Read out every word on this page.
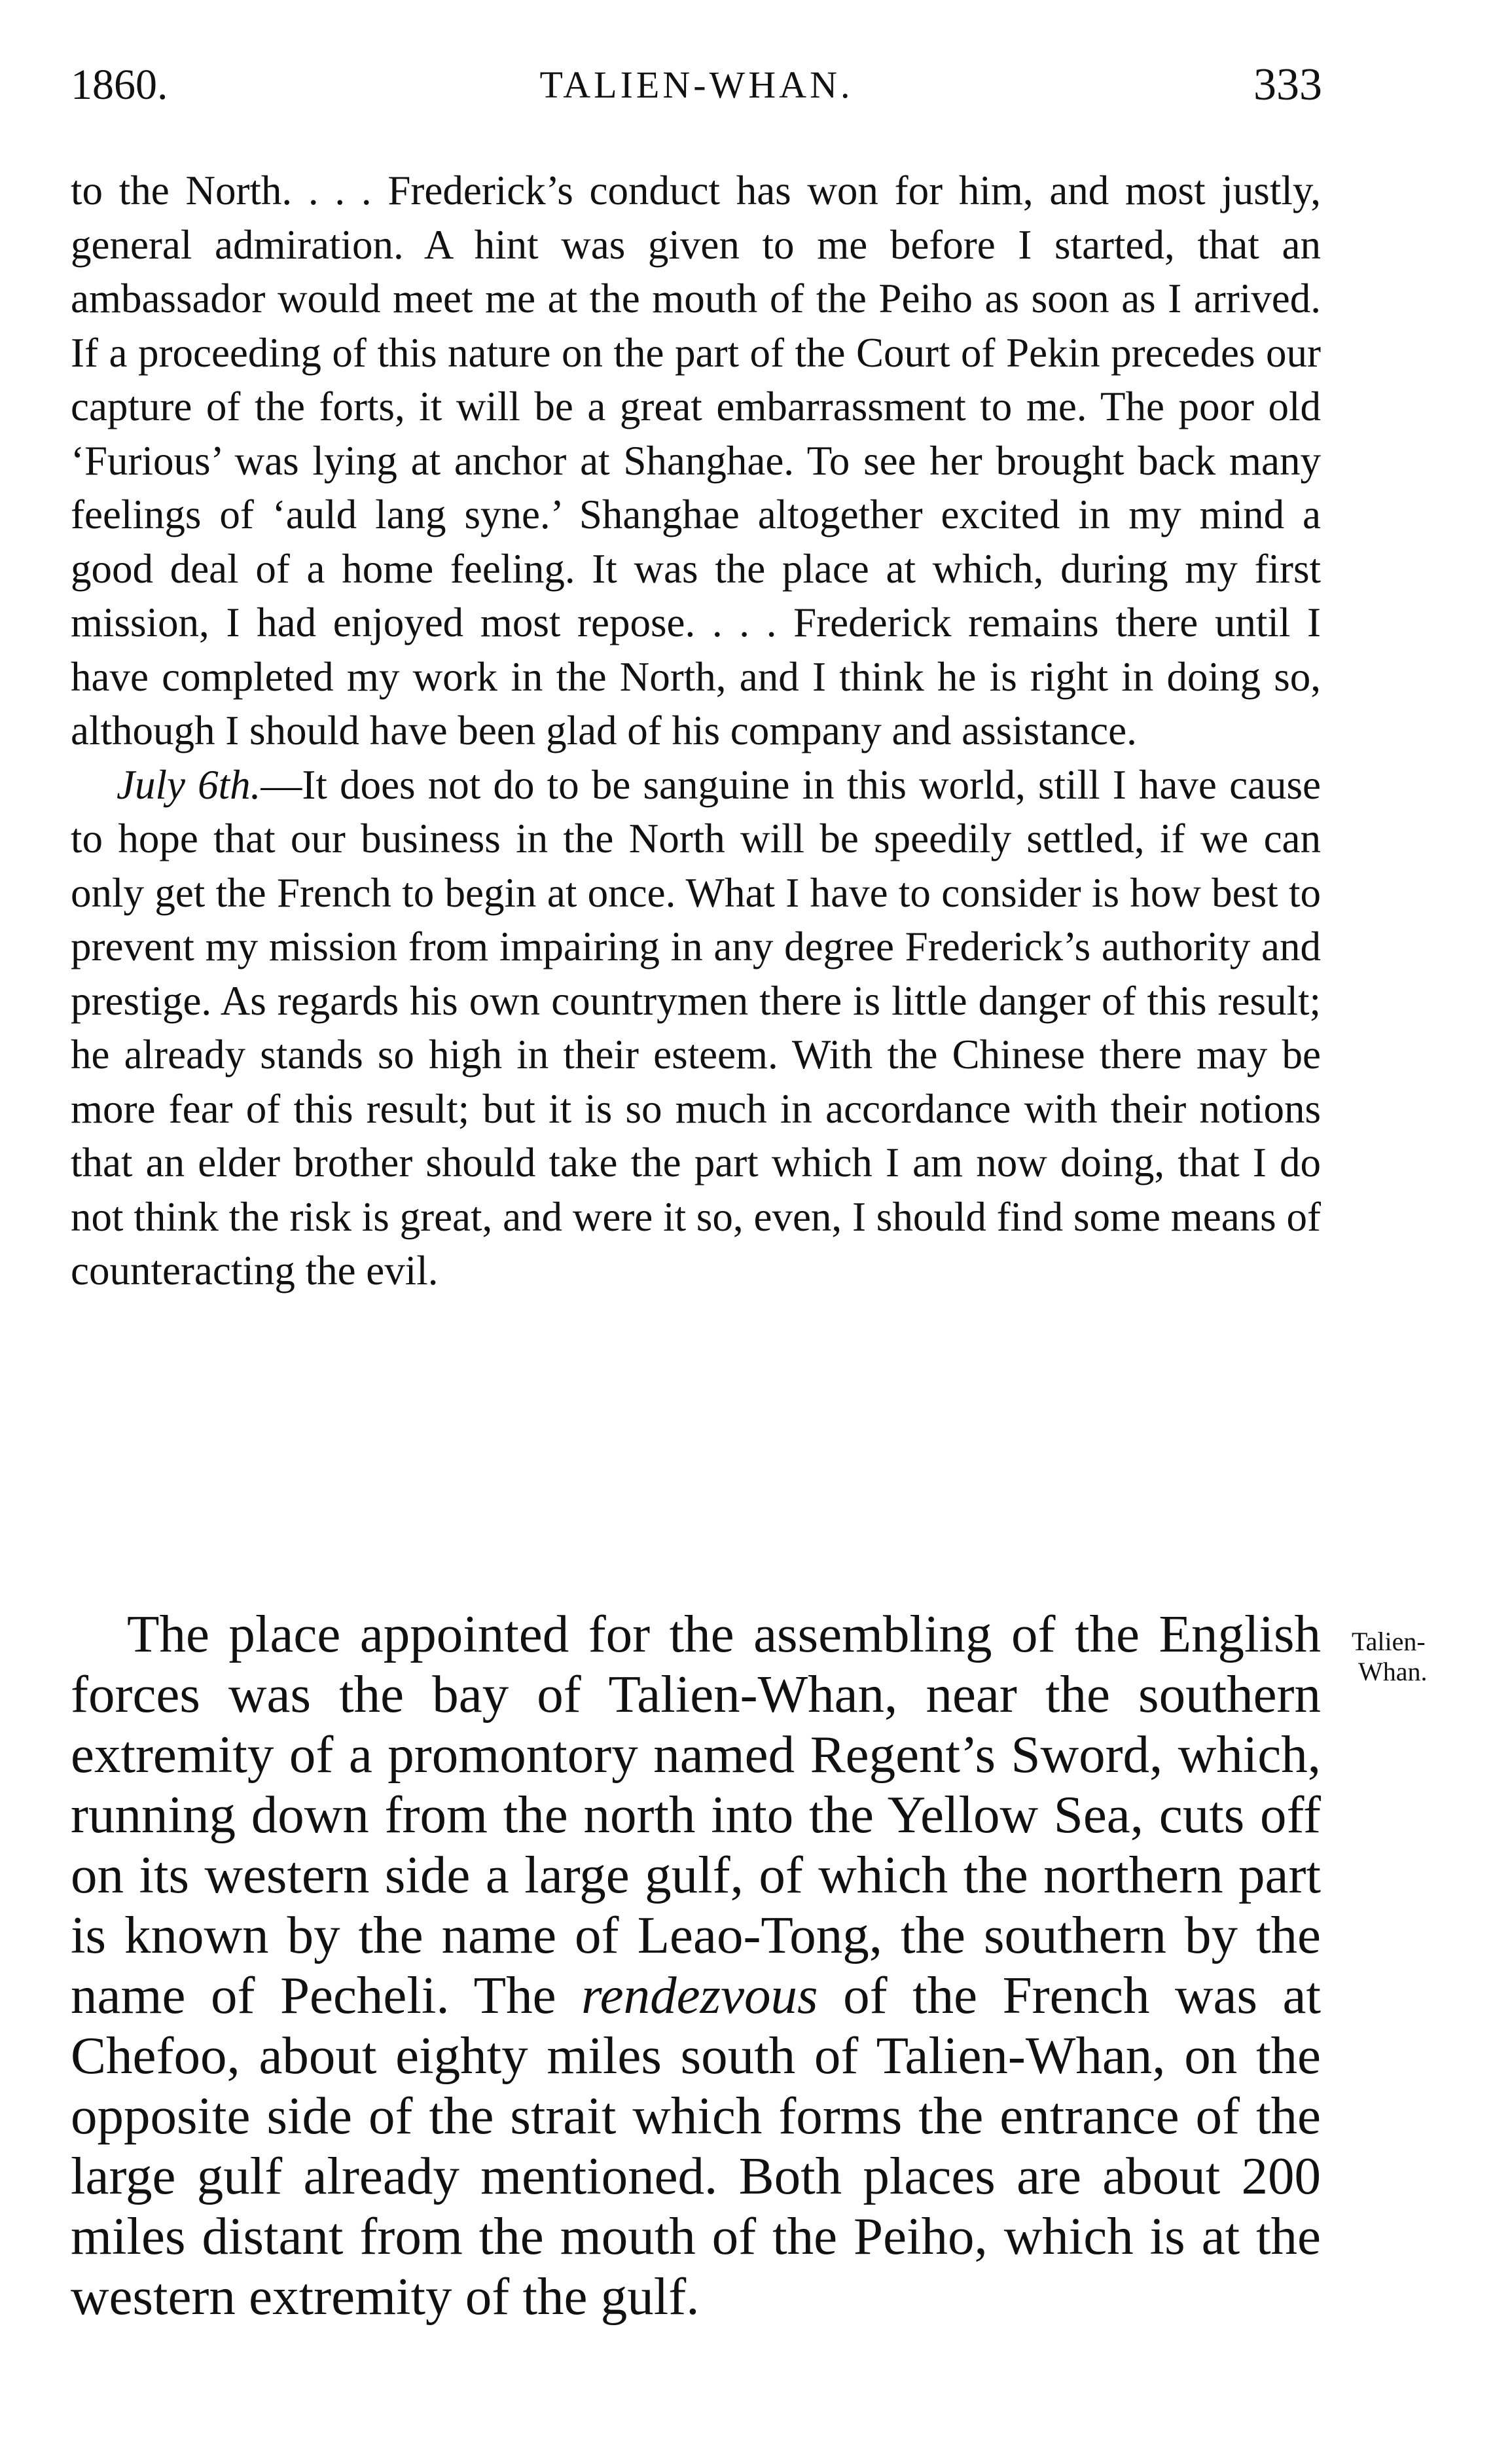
1860.	TALIEN-WHAN.	333

to the North. . . . Frederick’s conduct has won for him, and most justly, general admiration. A hint was given to me before I started, that an ambassador would meet me at the mouth of the Peiho as soon as I arrived. If a proceeding of this nature on the part of the Court of Pekin precedes our capture of the forts, it will be a great embarrassment to me. The poor old ‘Furious’ was lying at anchor at Shanghae. To see her brought back many feelings of ‘auld lang syne.’ Shanghae altogether excited in my mind a good deal of a home feeling. It was the place at which, during my first mission, I had enjoyed most repose. . . . Frederick remains there until I have completed my work in the North, and I think he is right in doing so, although I should have been glad of his company and assistance.

July 6th.—It does not do to be sanguine in this world, still I have cause to hope that our business in the North will be speedily settled, if we can only get the French to begin at once. What I have to consider is how best to prevent my mission from impairing in any degree Frederick’s authority and prestige. As regards his own countrymen there is little danger of this result; he already stands so high in their esteem. With the Chinese there may be more fear of this result; but it is so much in accordance with their notions that an elder brother should take the part which I am now doing, that I do not think the risk is great, and were it so, even, I should find some means of counteracting the evil.

The place appointed for the assembling of the English forces was the bay of Talien-Whan, near the southern extremity of a promontory named Regent’s Sword, which, running down from the north into the Yellow Sea, cuts off on its western side a large gulf, of which the northern part is known by the name of Leao-Tong, the southern by the name of Pecheli. The rendezvous of the French was at Chefoo, about eighty miles south of Talien-Whan, on the opposite side of the strait which forms the entrance of the large gulf already mentioned. Both places are about 200 miles distant from the mouth of the Peiho, which is at the western extremity of the gulf.

Talien-
Whan.
